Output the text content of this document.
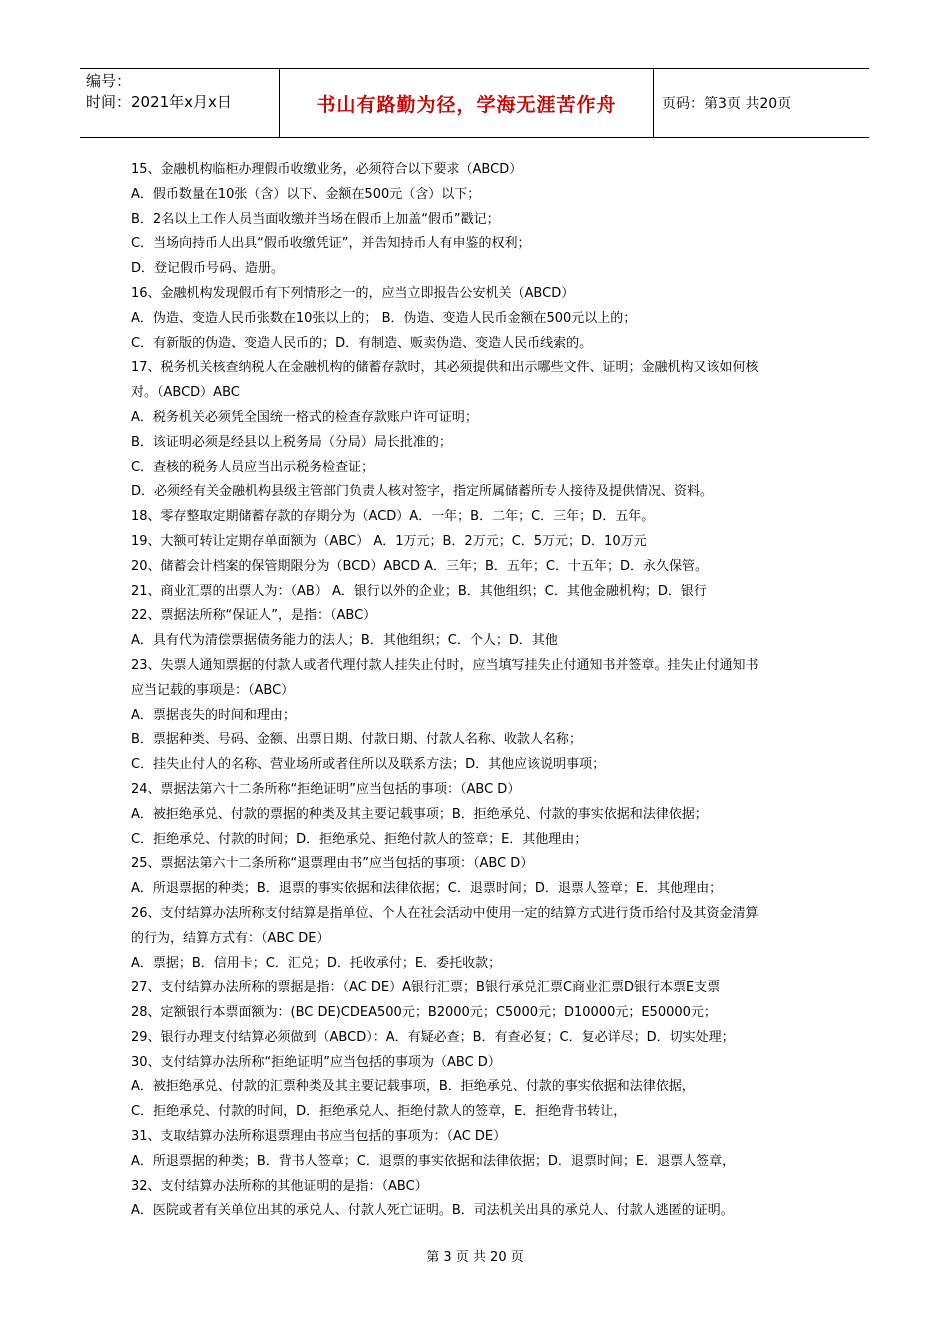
编号：
时间：2021年x月x日	书山有路勤为径，学海无涯苦作舟	页码：第3页 共20页
15、金融机构临柜办理假币收缴业务，必须符合以下要求（ABCD）
A．假币数量在10张（含）以下、金额在500元（含）以下；
B．2名以上工作人员当面收缴并当场在假币上加盖“假币”戳记；
C．当场向持币人出具“假币收缴凭证”，并告知持币人有申鉴的权利；
D．登记假币号码、造册。
16、金融机构发现假币有下列情形之一的，应当立即报告公安机关（ABCD）
A．伪造、变造人民币张数在10张以上的； B．伪造、变造人民币金额在500元以上的；
C．有新版的伪造、变造人民币的；D．有制造、贩卖伪造、变造人民币线索的。
17、税务机关核查纳税人在金融机构的储蓄存款时，其必须提供和出示哪些文件、证明；金融机构又该如何核
对。（ABCD）ABC
A．税务机关必须凭全国统一格式的检查存款账户许可证明；
B．该证明必须是经县以上税务局（分局）局长批准的；
C．查核的税务人员应当出示税务检查证；
D．必须经有关金融机构县级主管部门负责人核对签字，指定所属储蓄所专人接待及提供情况、资料。
18、零存整取定期储蓄存款的存期分为（ACD）A．一年；B．二年；C．三年；D．五年。
19、大额可转让定期存单面额为（ABC） A．1万元；B．2万元；C．5万元；D．10万元
20、储蓄会计档案的保管期限分为（BCD）ABCD A．三年；B．五年；C．十五年；D．永久保管。
21、商业汇票的出票人为：（AB） A．银行以外的企业；B．其他组织；C．其他金融机构；D．银行
22、票据法所称“保证人”，是指：（ABC）
A．具有代为清偿票据债务能力的法人；B．其他组织；C．个人；D．其他
23、失票人通知票据的付款人或者代理付款人挂失止付时，应当填写挂失止付通知书并签章。挂失止付通知书
应当记载的事项是：（ABC）
A．票据丧失的时间和理由；
B．票据种类、号码、金额、出票日期、付款日期、付款人名称、收款人名称；
C．挂失止付人的名称、营业场所或者住所以及联系方法；D．其他应该说明事项；
24、票据法第六十二条所称“拒绝证明”应当包括的事项：（ABC D）
A．被拒绝承兑、付款的票据的种类及其主要记载事项；B．拒绝承兑、付款的事实依据和法律依据；
C．拒绝承兑、付款的时间；D．拒绝承兑、拒绝付款人的签章；E．其他理由；
25、票据法第六十二条所称“退票理由书”应当包括的事项：（ABC D）
A．所退票据的种类；B．退票的事实依据和法律依据；C．退票时间；D．退票人签章；E．其他理由；
26、支付结算办法所称支付结算是指单位、个人在社会活动中使用一定的结算方式进行货币给付及其资金清算
的行为，结算方式有：（ABC DE）
A．票据；B．信用卡；C．汇兑；D．托收承付；E．委托收款；
27、支付结算办法所称的票据是指：（AC DE）A银行汇票；B银行承兑汇票C商业汇票D银行本票E支票
28、定额银行本票面额为：(BC DE)CDEA500元；B2000元；C5000元；D10000元；E50000元；
29、银行办理支付结算必须做到（ABCD）：A．有疑必查；B．有查必复；C．复必详尽；D．切实处理；
30、支付结算办法所称“拒绝证明”应当包括的事项为（ABC D）
A．被拒绝承兑、付款的汇票种类及其主要记载事项，B．拒绝承兑、付款的事实依据和法律依据，
C．拒绝承兑、付款的时间，D．拒绝承兑人、拒绝付款人的签章，E．拒绝背书转让，
31、支取结算办法所称退票理由书应当包括的事项为：（AC DE）
A．所退票据的种类；B．背书人签章；C．退票的事实依据和法律依据；D．退票时间；E．退票人签章，
32、支付结算办法所称的其他证明的是指：（ABC）
A．医院或者有关单位出其的承兑人、付款人死亡证明。B．司法机关出具的承兑人、付款人逃匿的证明。
第 3 页 共 20 页
